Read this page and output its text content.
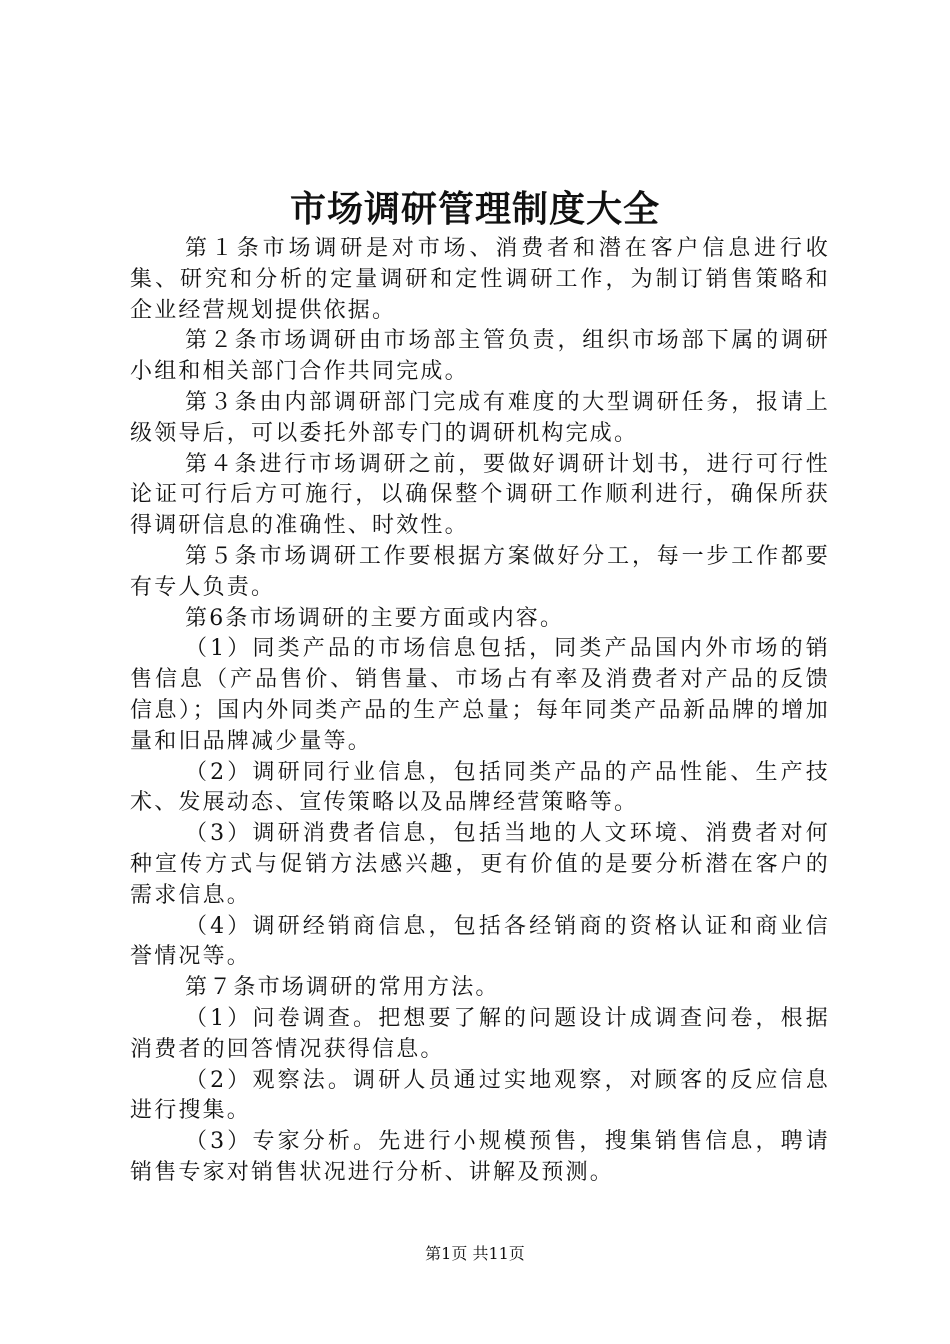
市场调研管理制度大全

第１条市场调研是对市场、消费者和潜在客户信息进行收集、研究和分析的定量调研和定性调研工作，为制订销售策略和企业经营规划提供依据。

第２条市场调研由市场部主管负责，组织市场部下属的调研小组和相关部门合作共同完成。

第３条由内部调研部门完成有难度的大型调研任务，报请上级领导后，可以委托外部专门的调研机构完成。

第４条进行市场调研之前，要做好调研计划书，进行可行性论证可行后方可施行，以确保整个调研工作顺利进行，确保所获得调研信息的准确性、时效性。

第５条市场调研工作要根据方案做好分工，每一步工作都要有专人负责。

第6条市场调研的主要方面或内容。

（1）同类产品的市场信息包括，同类产品国内外市场的销售信息（产品售价、销售量、市场占有率及消费者对产品的反馈信息）；国内外同类产品的生产总量；每年同类产品新品牌的增加量和旧品牌减少量等。

（2）调研同行业信息，包括同类产品的产品性能、生产技术、发展动态、宣传策略以及品牌经营策略等。

（3）调研消费者信息，包括当地的人文环境、消费者对何种宣传方式与促销方法感兴趣，更有价值的是要分析潜在客户的需求信息。

（4）调研经销商信息，包括各经销商的资格认证和商业信誉情况等。

第７条市场调研的常用方法。

（1）问卷调查。把想要了解的问题设计成调查问卷，根据消费者的回答情况获得信息。

（2）观察法。调研人员通过实地观察，对顾客的反应信息进行搜集。

（3）专家分析。先进行小规模预售，搜集销售信息，聘请销售专家对销售状况进行分析、讲解及预测。

第1页 共11页
